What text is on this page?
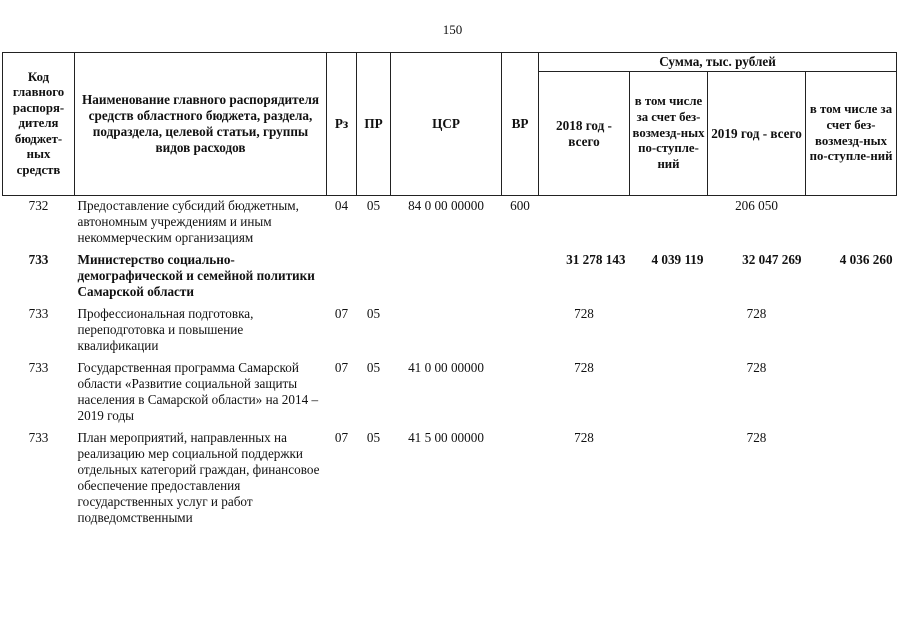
150
Код главного распоря-дителя бюджет-ных средств	Наименование главного распорядителя средств областного бюджета, раздела, подраздела, целевой статьи, группы видов расходов	Рз	ПР	ЦСР	ВР	Сумма, тыс. рублей			
						2018 год - всего	в том числе за счет без-возмезд-ных по-ступле-ний	2019 год - всего	в том числе за счет без-возмезд-ных по-ступле-ний
732	Предоставление субсидий бюджетным, автономным учреждениям и иным некоммерческим организациям	04	05	84 0 00 00000	600			206 050	
733	Министерство социально-демографической и семейной политики Самарской области					31 278 143	4 039 119	32 047 269	4 036 260
733	Профессиональная подготовка, переподготовка и повышение квалификации	07	05			728		728	
733	Государственная программа Самарской области «Развитие социальной защиты населения в Самарской области» на 2014 – 2019 годы	07	05	41 0 00 00000		728		728	
733	План мероприятий, направленных на реализацию мер социальной поддержки отдельных категорий граждан, финансовое обеспечение предоставления государственных услуг и работ подведомственными	07	05	41 5 00 00000		728		728	
